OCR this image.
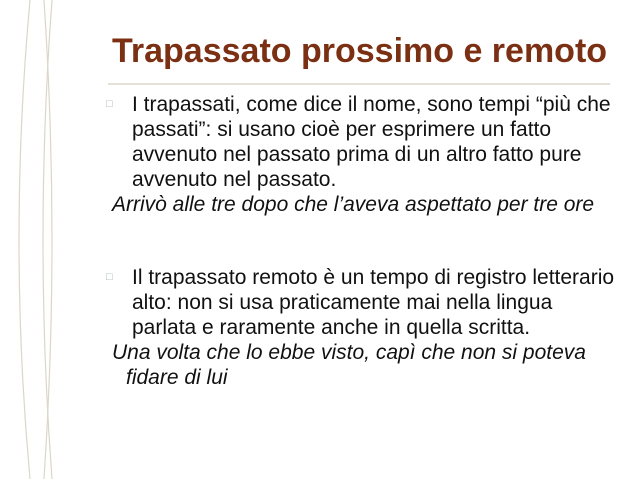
Trapassato prossimo e remoto
□ I trapassati, come dice il nome, sono tempi “più che passati”: si usano cioè per esprimere un fatto avvenuto nel passato prima di un altro fatto pure avvenuto nel passato.
Arrivò alle tre dopo che l’aveva aspettato per tre ore
□ Il trapassato remoto è un tempo di registro letterario alto: non si usa praticamente mai nella lingua parlata e raramente anche in quella scritta.
Una volta che lo ebbe visto, capì che non si poteva fidare di lui
